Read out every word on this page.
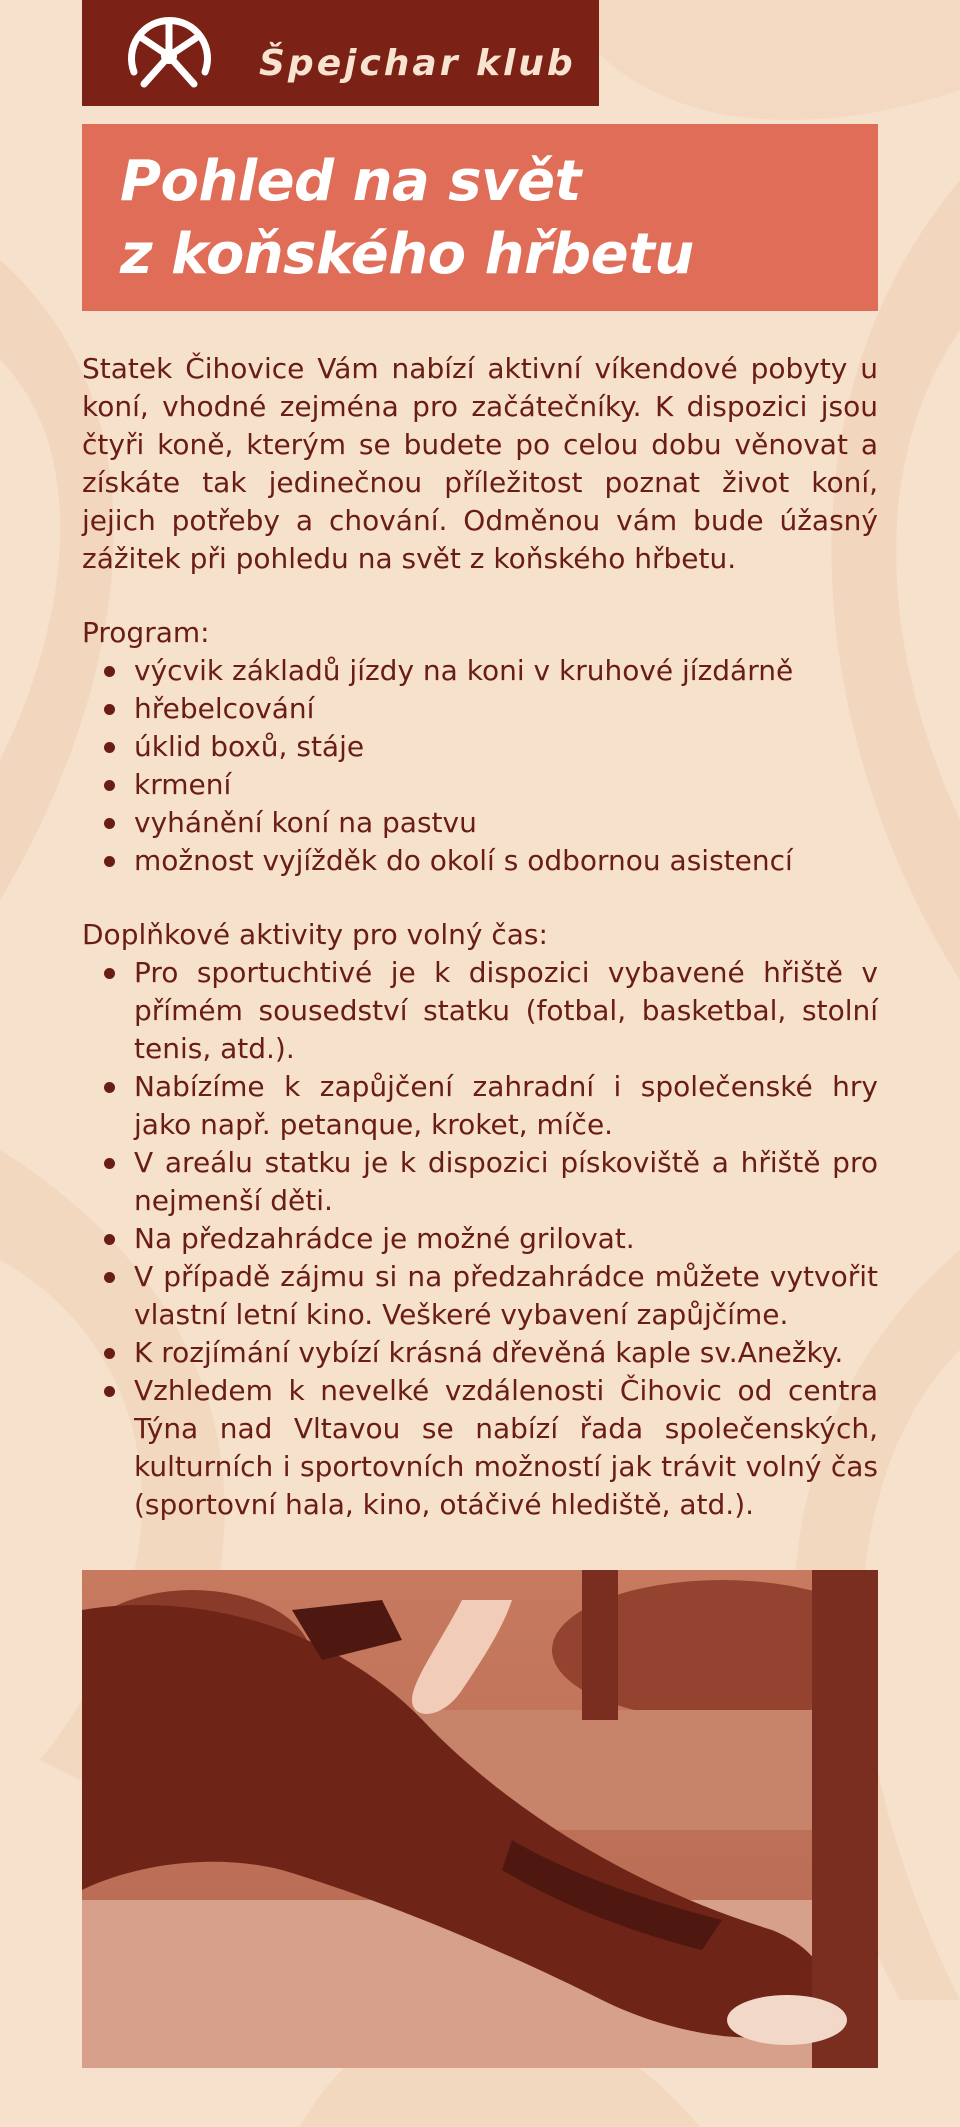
Špejchar klub
Pohled na svět
z koňského hřbetu

Statek Čihovice Vám nabízí aktivní víkendové pobyty u koní, vhodné zejména pro začátečníky. K dispozici jsou čtyři koně, kterým se budete po celou dobu věnovat a získáte tak jedinečnou příležitost poznat život koní, jejich potřeby a chování. Odměnou vám bude úžasný zážitek při pohledu na svět z koňského hřbetu.

Program:

výcvik základů jízdy na koni v kruhové jízdárně
hřebelcování
úklid boxů, stáje
krmení
vyhánění koní na pastvu
možnost vyjížděk do okolí s odbornou asistencí

Doplňkové aktivity pro volný čas:

Pro sportuchtivé je k dispozici vybavené hřiště v přímém sousedství statku (fotbal, basketbal, stolní tenis, atd.).
Nabízíme k zapůjčení zahradní i společenské hry jako např. petanque, kroket, míče.
V areálu statku je k dispozici pískoviště a hřiště pro nejmenší děti.
Na předzahrádce je možné grilovat.
V případě zájmu si na předzahrádce můžete vytvořit vlastní letní kino. Veškeré vybavení zapůjčíme.
K rozjímání vybízí krásná dřevěná kaple sv.Anežky.
Vzhledem k nevelké vzdálenosti Čihovic od centra Týna nad Vltavou se nabízí řada společenských, kulturních i sportovních možností jak trávit volný čas (sportovní hala, kino, otáčivé hlediště, atd.).
